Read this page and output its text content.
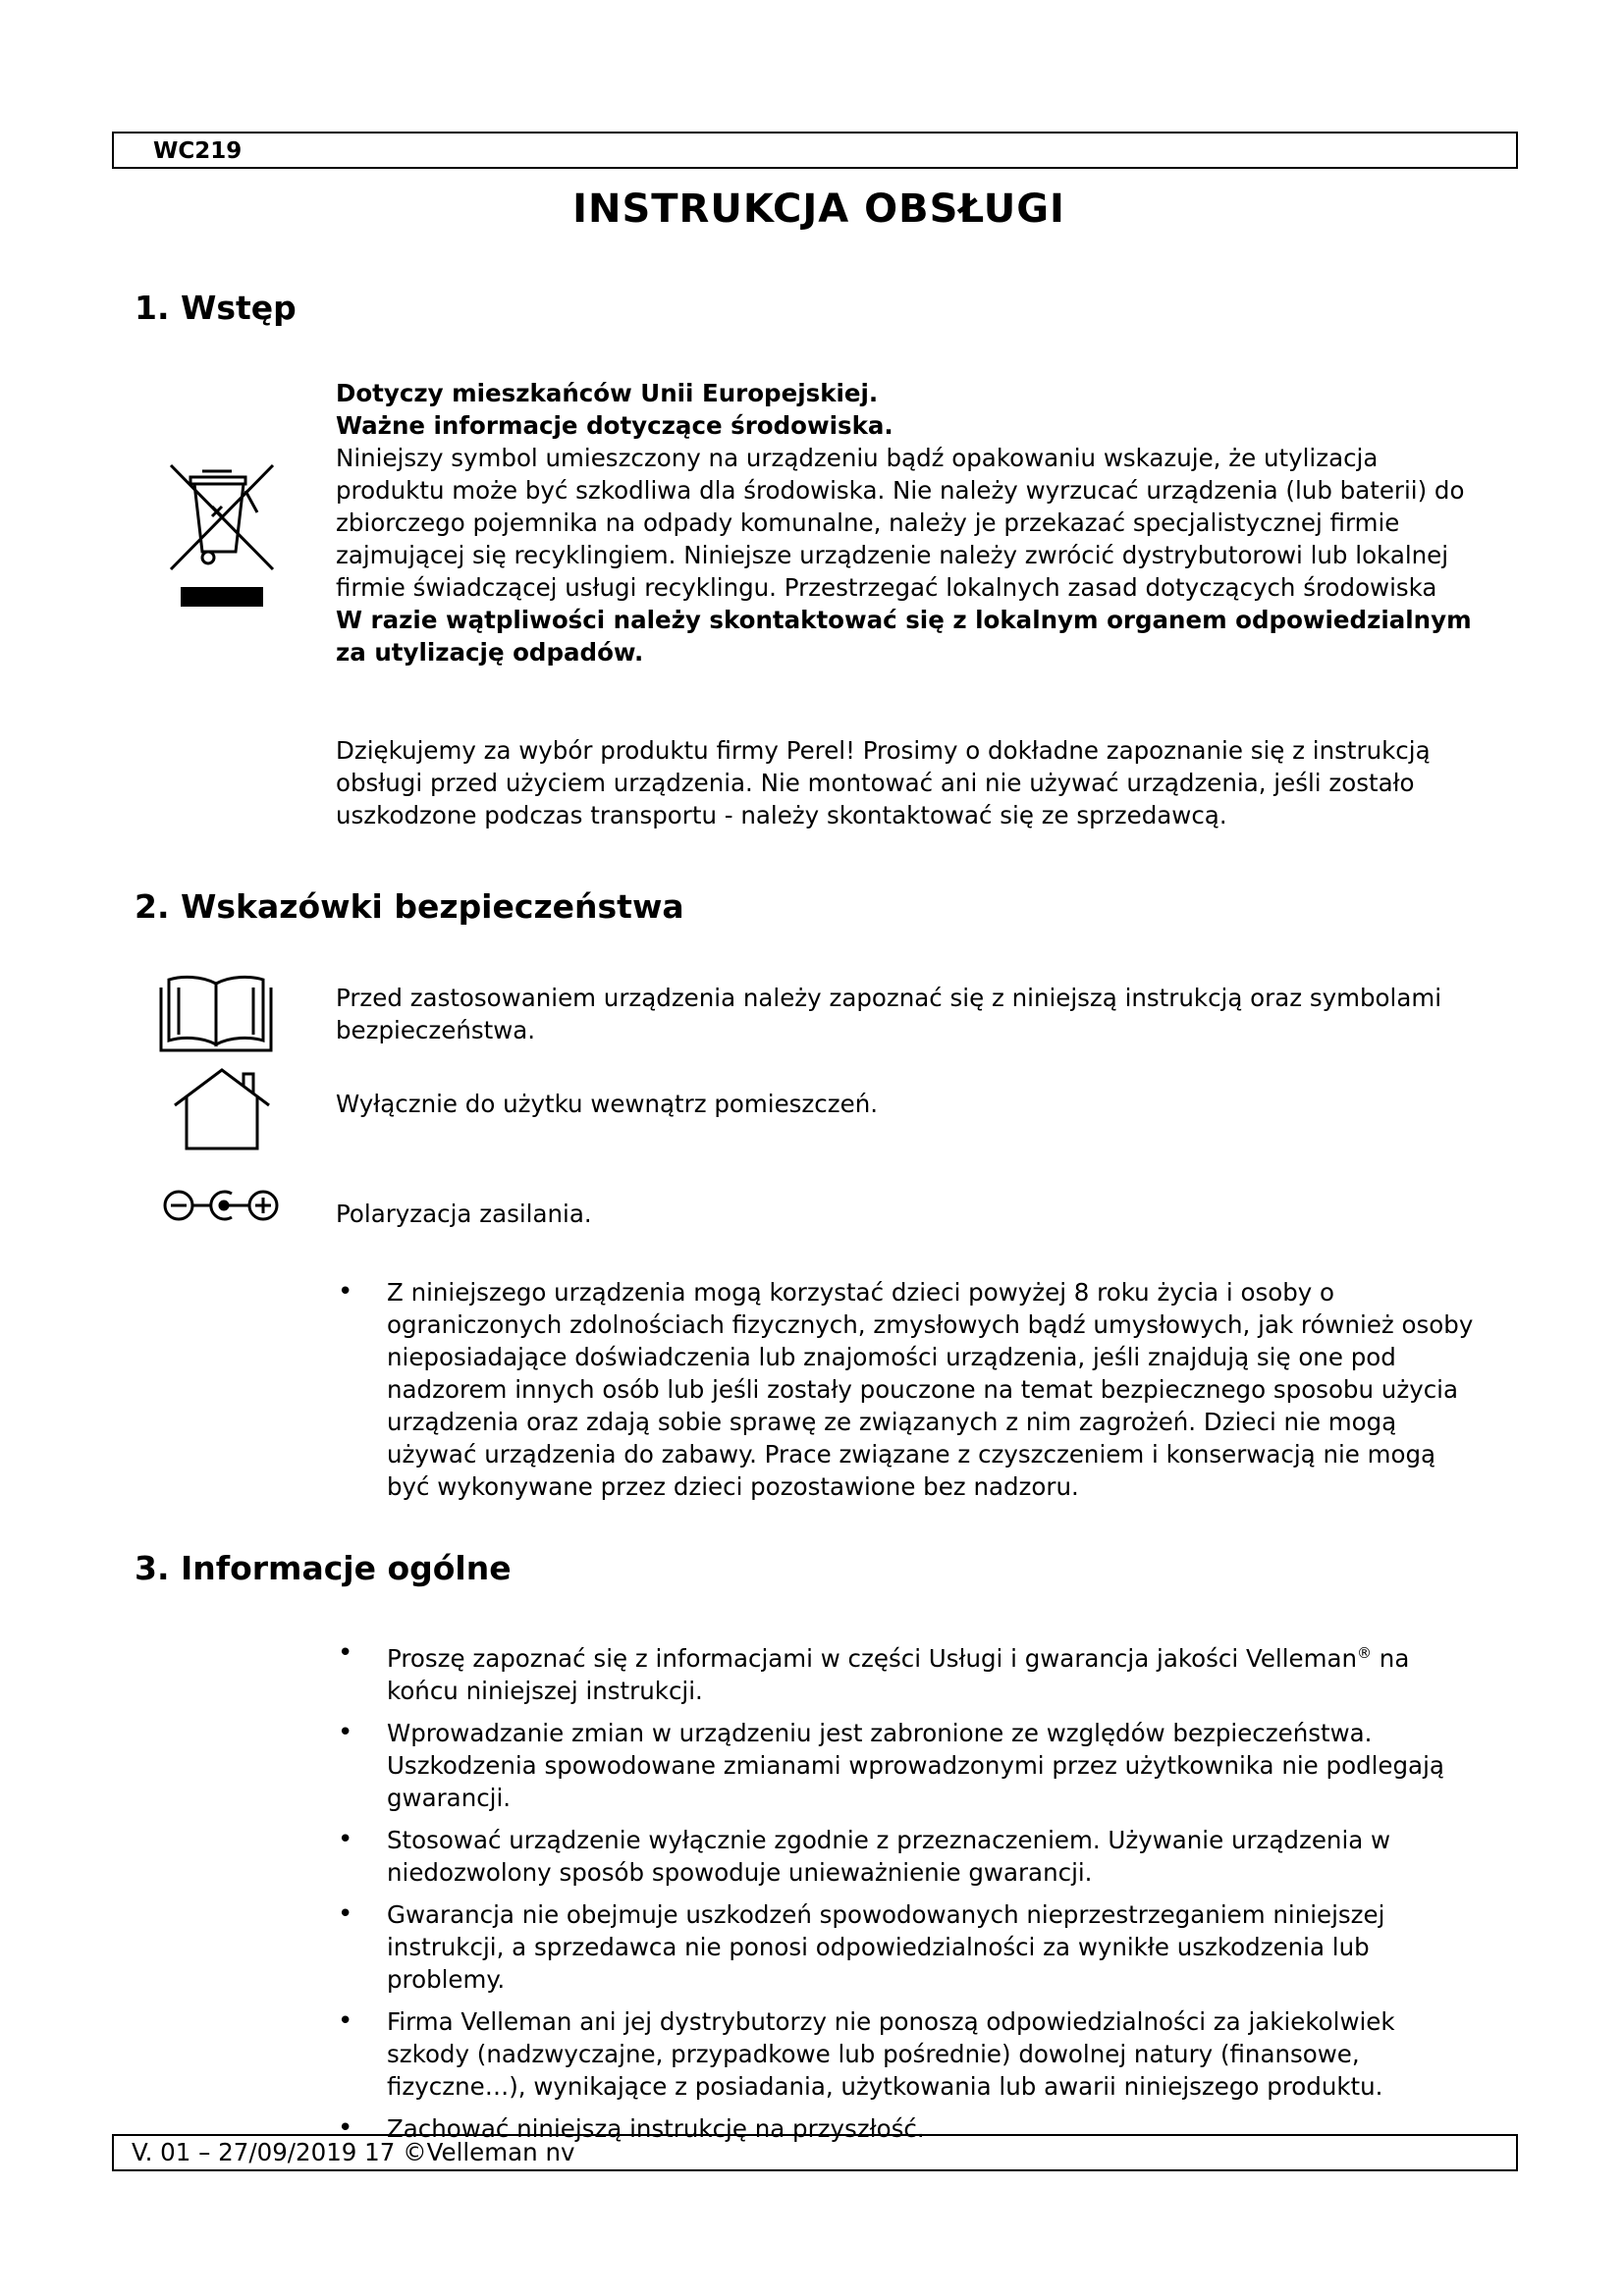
WC219
INSTRUKCJA OBSŁUGI
1. Wstęp

Dotyczy mieszkańców Unii Europejskiej.

Ważne informacje dotyczące środowiska.

Niniejszy symbol umieszczony na urządzeniu bądź opakowaniu wskazuje, że utylizacja produktu może być szkodliwa dla środowiska. Nie należy wyrzucać urządzenia (lub baterii) do zbiorczego pojemnika na odpady komunalne, należy je przekazać specjalistycznej firmie zajmującej się recyklingiem. Niniejsze urządzenie należy zwrócić dystrybutorowi lub lokalnej firmie świadczącej usługi recyklingu. Przestrzegać lokalnych zasad dotyczących środowiska

W razie wątpliwości należy skontaktować się z lokalnym organem odpowiedzialnym za utylizację odpadów.

Dziękujemy za wybór produktu firmy Perel! Prosimy o dokładne zapoznanie się z instrukcją obsługi przed użyciem urządzenia. Nie montować ani nie używać urządzenia, jeśli zostało uszkodzone podczas transportu - należy skontaktować się ze sprzedawcą.
2. Wskazówki bezpieczeństwa
Przed zastosowaniem urządzenia należy zapoznać się z niniejszą instrukcją oraz symbolami bezpieczeństwa.
Wyłącznie do użytku wewnątrz pomieszczeń.
Polaryzacja zasilania.
• Z niniejszego urządzenia mogą korzystać dzieci powyżej 8 roku życia i osoby o ograniczonych zdolnościach fizycznych, zmysłowych bądź umysłowych, jak również osoby nieposiadające doświadczenia lub znajomości urządzenia, jeśli znajdują się one pod nadzorem innych osób lub jeśli zostały pouczone na temat bezpiecznego sposobu użycia urządzenia oraz zdają sobie sprawę ze związanych z nim zagrożeń. Dzieci nie mogą używać urządzenia do zabawy. Prace związane z czyszczeniem i konserwacją nie mogą być wykonywane przez dzieci pozostawione bez nadzoru.
3. Informacje ogólne
• Proszę zapoznać się z informacjami w części Usługi i gwarancja jakości Velleman® na końcu niniejszej instrukcji.
• Wprowadzanie zmian w urządzeniu jest zabronione ze względów bezpieczeństwa. Uszkodzenia spowodowane zmianami wprowadzonymi przez użytkownika nie podlegają gwarancji.
• Stosować urządzenie wyłącznie zgodnie z przeznaczeniem. Używanie urządzenia w niedozwolony sposób spowoduje unieważnienie gwarancji.
• Gwarancja nie obejmuje uszkodzeń spowodowanych nieprzestrzeganiem niniejszej instrukcji, a sprzedawca nie ponosi odpowiedzialności za wynikłe uszkodzenia lub problemy.
• Firma Velleman ani jej dystrybutorzy nie ponoszą odpowiedzialności za jakiekolwiek szkody (nadzwyczajne, przypadkowe lub pośrednie) dowolnej natury (finansowe, fizyczne…), wynikające z posiadania, użytkowania lub awarii niniejszego produktu.
• Zachować niniejszą instrukcję na przyszłość.
V. 01 – 27/09/2019 17 ©Velleman nv
